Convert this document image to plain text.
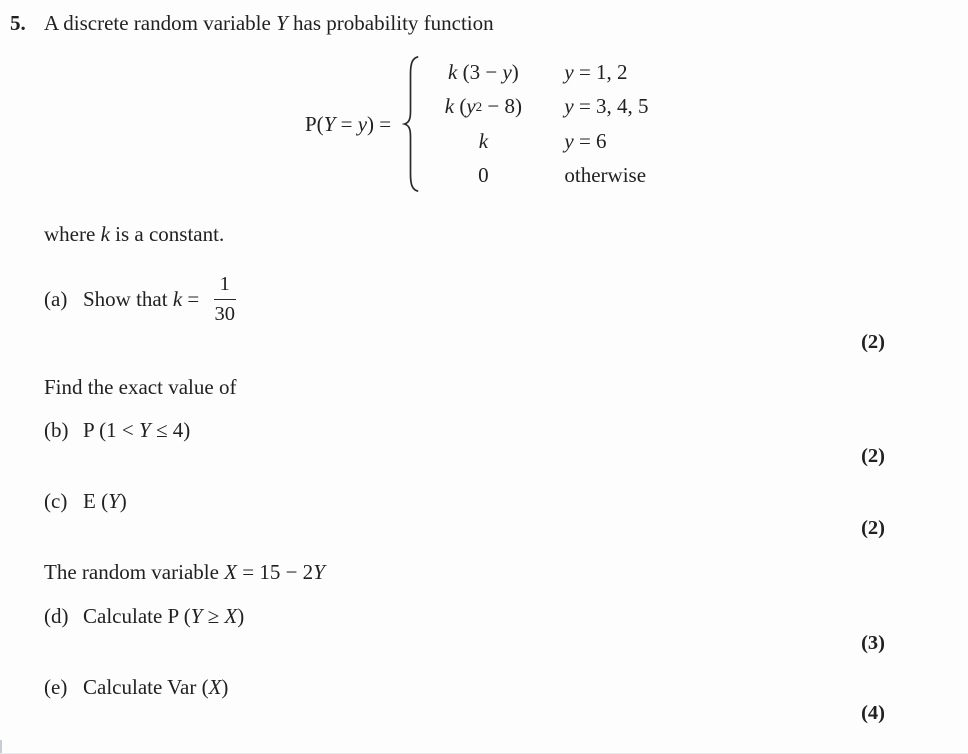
5. A discrete random variable Y has probability function
P(Y = y) =
k (3 − y ) y = 1, 2
k ( y 2 − 8) y = 3, 4, 5
k	y = 6
0	otherwise
where k is a constant.
(a) Show that $k = \frac{1}{30}$
(2)
Find the exact value of
(b) P (1 < Y ≤ 4)
(2)
(c) E (Y)
(2)
The random variable X = 15 − 2Y
(d) Calculate P (Y ≥ X)
(3)
(e) Calculate Var (X)
(4)
